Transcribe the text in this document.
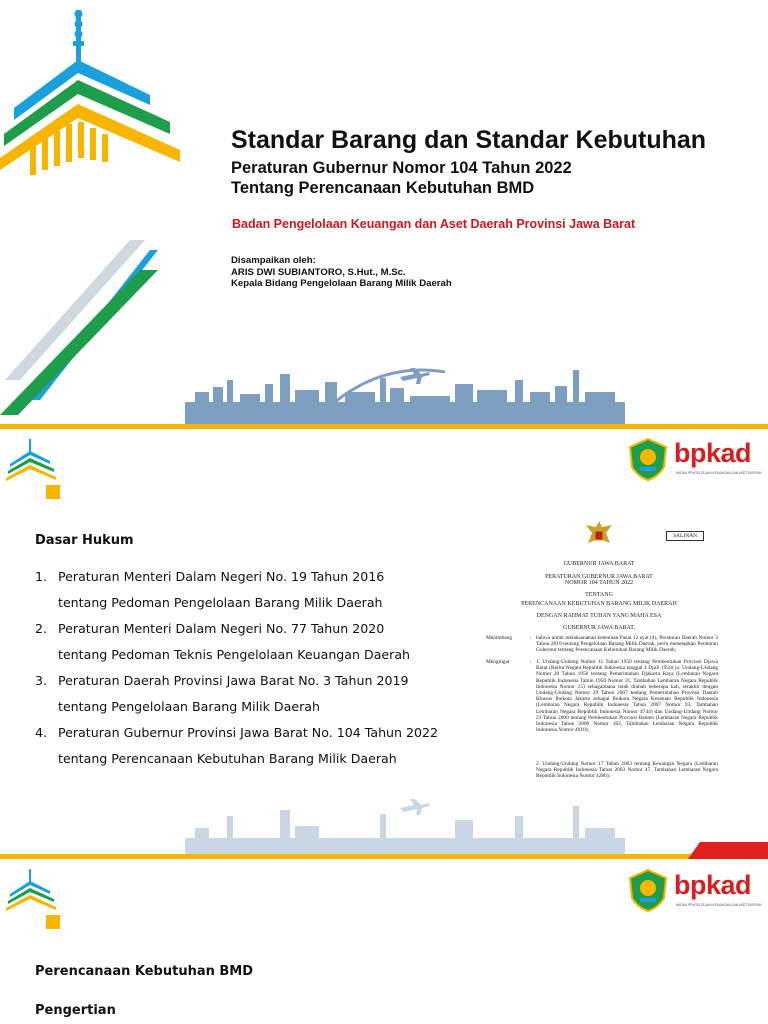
Standar Barang dan Standar Kebutuhan
Peraturan Gubernur Nomor 104 Tahun 2022
Tentang Perencanaan Kebutuhan BMD
Badan Pengelolaan Keuangan dan Aset Daerah Provinsi Jawa Barat
Disampaikan oleh:
ARIS DWI SUBIANTORO, S.Hut., M.Sc.
Kepala Bidang Pengelolaan Barang Milik Daerah
bpkad
BADAN PENGELOLAAN KEUANGAN DAN ASET DAERAH
Dasar Hukum
1. Peraturan Menteri Dalam Negeri No. 19 Tahun 2016
tentang Pedoman Pengelolaan Barang Milik Daerah
2. Peraturan Menteri Dalam Negeri No. 77 Tahun 2020
tentang Pedoman Teknis Pengelolaan Keuangan Daerah
3. Peraturan Daerah Provinsi Jawa Barat No. 3 Tahun 2019
tentang Pengelolaan Barang Milik Daerah
4. Peraturan Gubernur Provinsi Jawa Barat No. 104 Tahun 2022
tentang Perencanaan Kebutuhan Barang Milik Daerah
SALINAN
GUBERNUR JAWA BARAT
PERATURAN GUBERNUR JAWA BARAT
NOMOR 104 TAHUN 2022
TENTANG
PERENCANAAN KEBUTUHAN BARANG MILIK DAERAH
DENGAN RAHMAT TUHAN YANG MAHA ESA
GUBERNUR JAWA BARAT,
Menimbang	: bahwa untuk melaksanakan ketentuan Pasal 12 ayat (4), Peraturan Daerah Nomor 3 Tahun 2019 tentang Pengelolaan Barang Milik Daerah, perlu menetapkan Peraturan Gubernur tentang Perencanaan Kebutuhan Barang Milik Daerah;
Mengingat	: 1. Undang-Undang Nomor 11 Tahun 1950 tentang Pembentukan Provinsi Djawa Barat (Berita Negara Republik Indonesia tanggal 4 Djuli 1950) jo. Undang-Undang Nomor 20 Tahun 1950 tentang Pemerintahan Djakarta Raya (Lembaran Negara Republik Indonesia Tahun 1950 Nomor 31, Tambahan Lembaran Negara Republik Indonesia Nomor 15) sebagaimana telah diubah beberapa kali, terakhir dengan Undang-Undang Nomor 29 Tahun 2007 tentang Pemerintahan Provinsi Daerah Khusus Ibukota Jakarta sebagai Ibukota Negara Kesatuan Republik Indonesia (Lembaran Negara Republik Indonesia Tahun 2007 Nomor 93, Tambahan Lembaran Negara Republik Indonesia Nomor 4744) dan Undang-Undang Nomor 23 Tahun 2000 tentang Pembentukan Provinsi Banten (Lembaran Negara Republik Indonesia Tahun 2000 Nomor 182, Tambahan Lembaran Negara Republik Indonesia Nomor 4010);
2. Undang-Undang Nomor 17 Tahun 2003 tentang Keuangan Negara (Lembaran Negara Republik Indonesia Tahun 2003 Nomor 47, Tambahan Lembaran Negara Republik Indonesia Nomor 4286);
bpkad
BADAN PENGELOLAAN KEUANGAN DAN ASET DAERAH
Perencanaan Kebutuhan BMD
Pengertian
